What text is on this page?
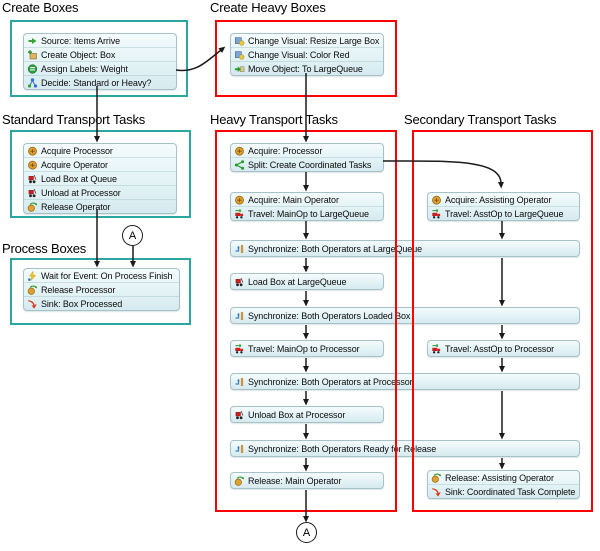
Create Boxes	Create Heavy Boxes
Standard Transport Tasks	Heavy Transport Tasks	Secondary Transport Tasks
Process Boxes
Source: Items Arrive
Create Object: Box
Assign Labels: Weight
Decide: Standard or Heavy?
Change Visual: Resize Large Box
Change Visual: Color Red
Move Object: To LargeQueue
Acquire Processor
Acquire Operator
Load Box at Queue
Unload at Processor
Release Operator
Wait for Event: On Process Finish
Release Processor
Sink: Box Processed
Acquire: Processor
Split: Create Coordinated Tasks
Acquire: Main Operator
Travel: MainOp to LargeQueue
Acquire: Assisting Operator
Travel: AsstOp to LargeQueue
Synchronize: Both Operators at LargeQueue
Load Box at LargeQueue
Synchronize: Both Operators Loaded Box
Travel: MainOp to Processor	Travel: AsstOp to Processor
Synchronize: Both Operators at Processor
Unload Box at Processor
Synchronize: Both Operators Ready for Release
Release: Main Operator	Release: Assisting Operator
Sink: Coordinated Task Complete
A
A
